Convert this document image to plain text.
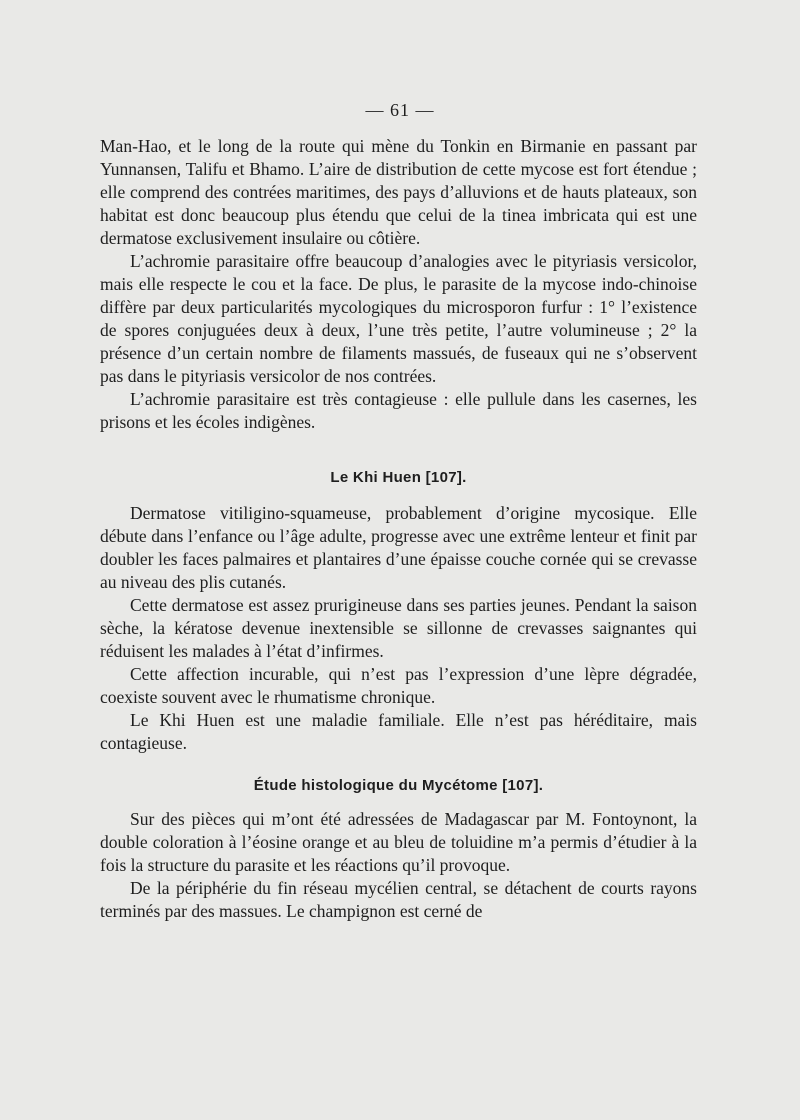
— 61 —

Man-Hao, et le long de la route qui mène du Tonkin en Birmanie en passant par Yunnansen, Talifu et Bhamo. L’aire de distribution de cette mycose est fort étendue ; elle comprend des contrées maritimes, des pays d’alluvions et de hauts plateaux, son habitat est donc beaucoup plus étendu que celui de la tinea imbricata qui est une dermatose exclusivement insulaire ou côtière.

L’achromie parasitaire offre beaucoup d’analogies avec le pityriasis versicolor, mais elle respecte le cou et la face. De plus, le parasite de la mycose indo-chinoise diffère par deux particularités mycologiques du microsporon furfur : 1° l’existence de spores conjuguées deux à deux, l’une très petite, l’autre volumineuse ; 2° la présence d’un certain nombre de filaments massués, de fuseaux qui ne s’observent pas dans le pityriasis versicolor de nos contrées.

L’achromie parasitaire est très contagieuse : elle pullule dans les casernes, les prisons et les écoles indigènes.

Le Khi Huen [107].

Dermatose vitiligino-squameuse, probablement d’origine mycosique. Elle débute dans l’enfance ou l’âge adulte, progresse avec une extrême lenteur et finit par doubler les faces palmaires et plantaires d’une épaisse couche cornée qui se crevasse au niveau des plis cutanés.

Cette dermatose est assez prurigineuse dans ses parties jeunes. Pendant la saison sèche, la kératose devenue inextensible se sillonne de crevasses saignantes qui réduisent les malades à l’état d’infirmes.

Cette affection incurable, qui n’est pas l’expression d’une lèpre dégradée, coexiste souvent avec le rhumatisme chronique.

Le Khi Huen est une maladie familiale. Elle n’est pas héréditaire, mais contagieuse.

Étude histologique du Mycétome [107].

Sur des pièces qui m’ont été adressées de Madagascar par M. Fontoynont, la double coloration à l’éosine orange et au bleu de toluidine m’a permis d’étudier à la fois la structure du parasite et les réactions qu’il provoque.

De la périphérie du fin réseau mycélien central, se détachent de courts rayons terminés par des massues. Le champignon est cerné de
